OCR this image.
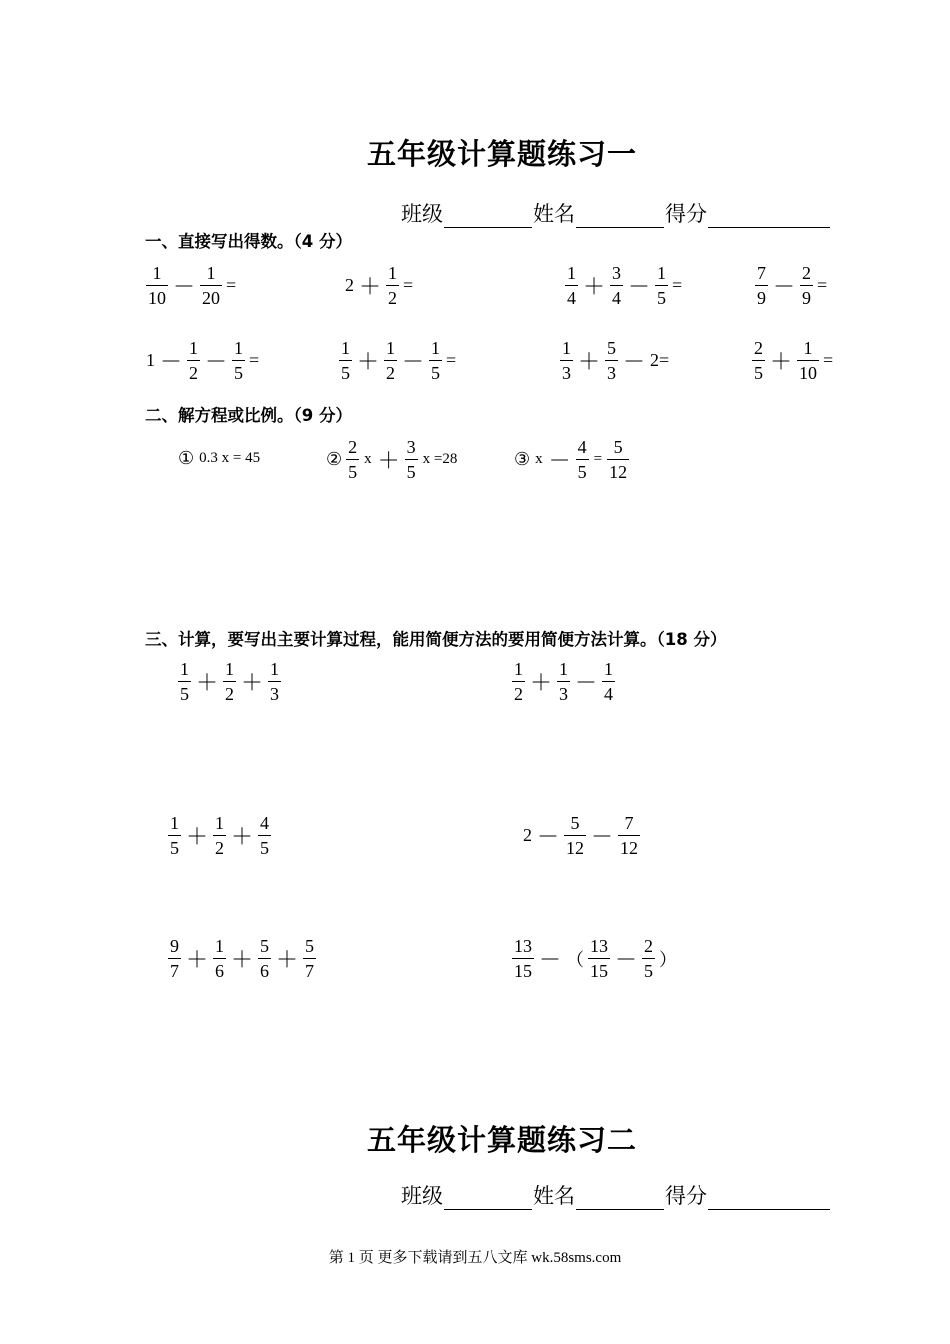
五年级计算题练习一
班级	姓名	得分
一、直接写出得数。（4 分）
$\frac{1}{10} - \frac{1}{20}$ =	$2 + \frac{1}{2}$ =	$\frac{1}{4} + \frac{3}{4} - \frac{1}{5}$ =	$\frac{7}{9} - \frac{2}{9}$ =
$1 - \frac{1}{2} - \frac{1}{5}$ =	$\frac{1}{5} + \frac{1}{2} - \frac{1}{5}$ =	$\frac{1}{3} + \frac{5}{3} - 2=$	$\frac{2}{5} + \frac{1}{10}$ =
二、解方程或比例。（9 分）
① 0.3 x = 45	② $\frac{2}{5}$ $x + \frac{3}{5}$ x =28	③ $x - \frac{4}{5} = \frac{5}{12}$
三、计算，要写出主要计算过程，能用简便方法的要用简便方法计算。（18 分）
$\frac{1}{5} + \frac{1}{2} + \frac{1}{3}$	$\frac{1}{2} + \frac{1}{3} - \frac{1}{4}$
$\frac{1}{5} + \frac{1}{2} + \frac{4}{5}$	$2 - \frac{5}{12} - \frac{7}{12}$
$\frac{9}{7} + \frac{1}{6} + \frac{5}{6} + \frac{5}{7}$	$\frac{13}{15}$ － （ $\frac{13}{15} - \frac{2}{5}$ ）
五年级计算题练习二
班级	姓名	得分
第 1 页 更多下载请到五八文库 wk.58sms.com
